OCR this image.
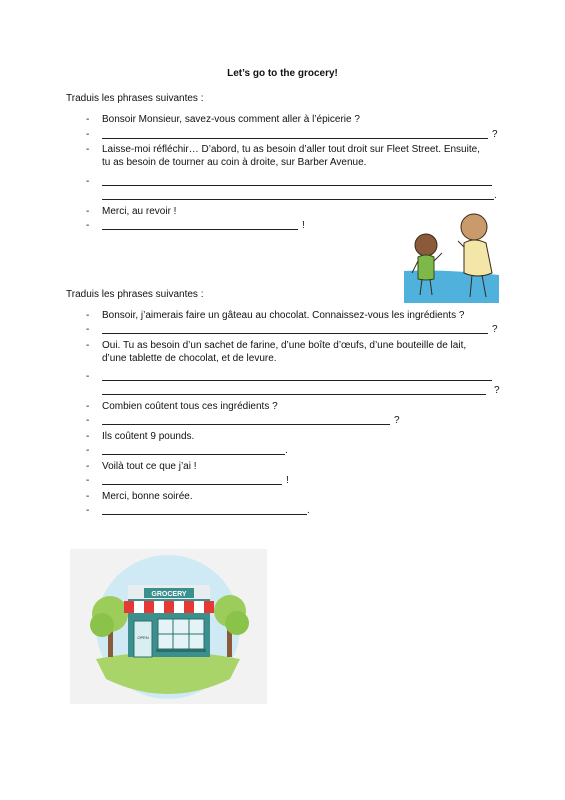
Let’s go to the grocery!
Traduis les phrases suivantes :
- Bonsoir Monsieur, savez-vous comment aller à l’épicerie ?
-	?
- Laisse-moi réfléchir… D’abord, tu as besoin d’aller tout droit sur Fleet Street. Ensuite,
tu as besoin de tourner au coin à droite, sur Barber Avenue.
-
.
- Merci, au revoir !
-	!
Traduis les phrases suivantes :
- Bonsoir, j’aimerais faire un gâteau au chocolat. Connaissez-vous les ingrédients ?
-	?
- Oui. Tu as besoin d’un sachet de farine, d’une boîte d’œufs, d’une bouteille de lait,
d’une tablette de chocolat, et de levure.
-
?
- Combien coûtent tous ces ingrédients ?
-	?
- Ils coûtent 9 pounds.
-	.
- Voilà tout ce que j’ai !
-	!
- Merci, bonne soirée.
-	.
GROCERY
OPEN
